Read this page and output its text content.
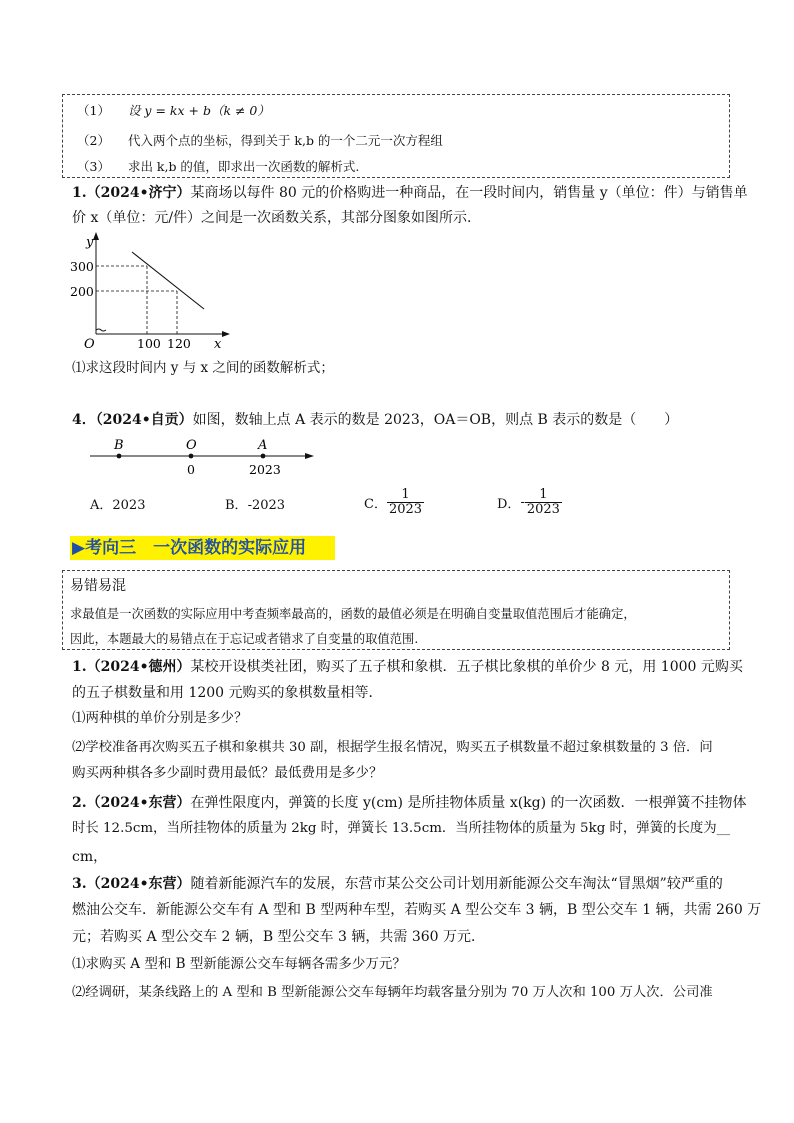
（1） 设 y = kx + b（k ≠ 0）
（2） 代入两个点的坐标，得到关于 k,b 的一个二元一次方程组
（3） 求出 k,b 的值，即求出一次函数的解析式.
1.（2024•济宁）某商场以每件 80 元的价格购进一种商品，在一段时间内，销售量 y（单位：件）与销售单
价 x（单位：元/件）之间是一次函数关系，其部分图象如图所示.
y
x
O
300
200
100 120
⑴求这段时间内 y 与 x 之间的函数解析式；
4．（2024•自贡）如图，数轴上点 A 表示的数是 2023，OA＝OB，则点 B 表示的数是（　　）
B	O	A
0	2023
A．2023	B．-2023	C． $\frac{1}{2023}$	D． - $\frac{1}{2023}$
▶考向三　一次函数的实际应用
易错易混
求最值是一次函数的实际应用中考查频率最高的，函数的最值必须是在明确自变量取值范围后才能确定，
因此，本题最大的易错点在于忘记或者错求了自变量的取值范围.
1.（2024•德州）某校开设棋类社团，购买了五子棋和象棋．五子棋比象棋的单价少 8 元，用 1000 元购买
的五子棋数量和用 1200 元购买的象棋数量相等．
⑴两种棋的单价分别是多少？
⑵学校准备再次购买五子棋和象棋共 30 副，根据学生报名情况，购买五子棋数量不超过象棋数量的 3 倍．问
购买两种棋各多少副时费用最低？最低费用是多少？
2.（2024•东营）在弹性限度内，弹簧的长度 y(cm) 是所挂物体质量 x(kg) 的一次函数．一根弹簧不挂物体
时长 12.5cm，当所挂物体的质量为 2kg 时，弹簧长 13.5cm．当所挂物体的质量为 5kg 时，弹簧的长度为__
cm，
3.（2024•东营）随着新能源汽车的发展，东营市某公交公司计划用新能源公交车淘汰“冒黑烟”较严重的
燃油公交车．新能源公交车有 A 型和 B 型两种车型，若购买 A 型公交车 3 辆，B 型公交车 1 辆，共需 260 万
元；若购买 A 型公交车 2 辆，B 型公交车 3 辆，共需 360 万元．
⑴求购买 A 型和 B 型新能源公交车每辆各需多少万元？
⑵经调研，某条线路上的 A 型和 B 型新能源公交车每辆年均载客量分别为 70 万人次和 100 万人次．公司准
